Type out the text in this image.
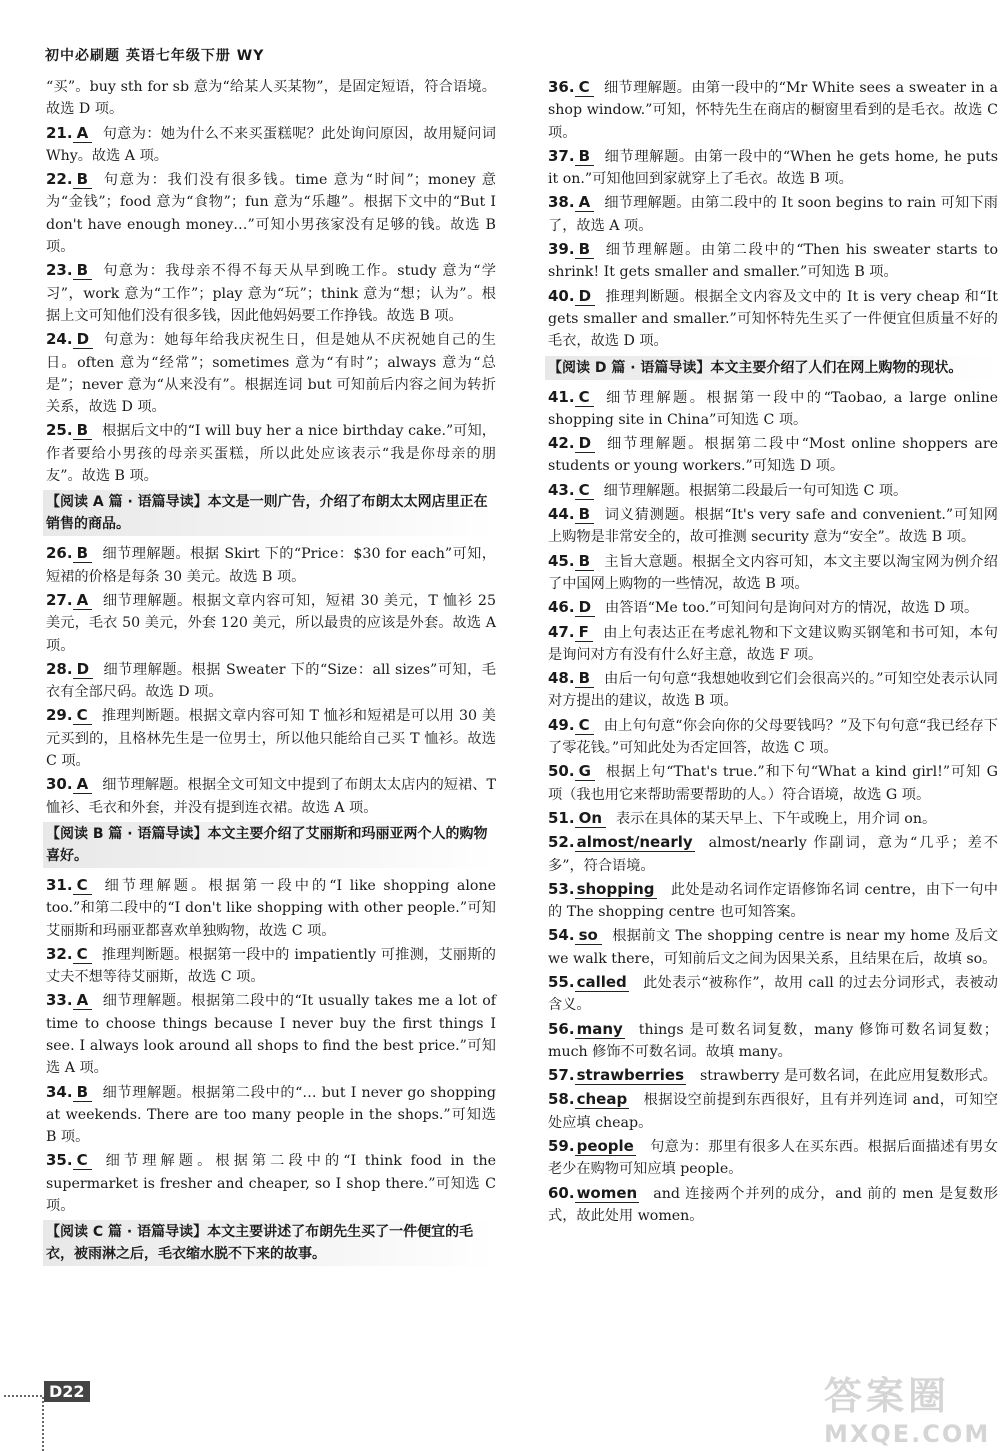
初中必刷题 英语七年级下册 WY
“买”。buy sth for sb 意为“给某人买某物”，是固定短语，符合语境。故选 D 项。
21. A 句意为：她为什么不来买蛋糕呢？此处询问原因，故用疑问词 Why。故选 A 项。
22. B 句意为：我们没有很多钱。time 意为“时间”；money 意为“金钱”；food 意为“食物”；fun 意为“乐趣”。根据下文中的“But I don't have enough money…”可知小男孩家没有足够的钱。故选 B 项。
23. B 句意为：我母亲不得不每天从早到晚工作。study 意为“学习”，work 意为“工作”；play 意为“玩”；think 意为“想；认为”。根据上文可知他们没有很多钱，因此他妈妈要工作挣钱。故选 B 项。
24. D 句意为：她每年给我庆祝生日，但是她从不庆祝她自己的生日。often 意为“经常”；sometimes 意为“有时”；always 意为“总是”；never 意为“从来没有”。根据连词 but 可知前后内容之间为转折关系，故选 D 项。
25. B 根据后文中的“I will buy her a nice birthday cake.”可知，作者要给小男孩的母亲买蛋糕，所以此处应该表示“我是你母亲的朋友”。故选 B 项。
【阅读 A 篇 · 语篇导读】本文是一则广告，介绍了布朗太太网店里正在销售的商品。
26. B 细节理解题。根据 Skirt 下的“Price：$30 for each”可知，短裙的价格是每条 30 美元。故选 B 项。
27. A 细节理解题。根据文章内容可知，短裙 30 美元，T 恤衫 25 美元，毛衣 50 美元，外套 120 美元，所以最贵的应该是外套。故选 A 项。
28. D 细节理解题。根据 Sweater 下的“Size：all sizes”可知，毛衣有全部尺码。故选 D 项。
29. C 推理判断题。根据文章内容可知 T 恤衫和短裙是可以用 30 美元买到的，且格林先生是一位男士，所以他只能给自己买 T 恤衫。故选 C 项。
30. A 细节理解题。根据全文可知文中提到了布朗太太店内的短裙、T 恤衫、毛衣和外套，并没有提到连衣裙。故选 A 项。
【阅读 B 篇 · 语篇导读】本文主要介绍了艾丽斯和玛丽亚两个人的购物喜好。
31. C 细节理解题。根据第一段中的“I like shopping alone too.”和第二段中的“I don't like shopping with other people.”可知艾丽斯和玛丽亚都喜欢单独购物，故选 C 项。
32. C 推理判断题。根据第一段中的 impatiently 可推测，艾丽斯的丈夫不想等待艾丽斯，故选 C 项。
33. A 细节理解题。根据第二段中的“It usually takes me a lot of time to choose things because I never buy the first things I see. I always look around all shops to find the best price.”可知选 A 项。
34. B 细节理解题。根据第二段中的“… but I never go shopping at weekends. There are too many people in the shops.”可知选 B 项。
35. C 细节理解题。根据第二段中的“I think food in the supermarket is fresher and cheaper, so I shop there.”可知选 C 项。
【阅读 C 篇 · 语篇导读】本文主要讲述了布朗先生买了一件便宜的毛衣，被雨淋之后，毛衣缩水脱不下来的故事。
36. C 细节理解题。由第一段中的“Mr White sees a sweater in a shop window.”可知，怀特先生在商店的橱窗里看到的是毛衣。故选 C 项。
37. B 细节理解题。由第一段中的“When he gets home, he puts it on.”可知他回到家就穿上了毛衣。故选 B 项。
38. A 细节理解题。由第二段中的 It soon begins to rain 可知下雨了，故选 A 项。
39. B 细节理解题。由第二段中的“Then his sweater starts to shrink! It gets smaller and smaller.”可知选 B 项。
40. D 推理判断题。根据全文内容及文中的 It is very cheap 和“It gets smaller and smaller.”可知怀特先生买了一件便宜但质量不好的毛衣，故选 D 项。
【阅读 D 篇 · 语篇导读】本文主要介绍了人们在网上购物的现状。
41. C 细节理解题。根据第一段中的“Taobao, a large online shopping site in China”可知选 C 项。
42. D 细节理解题。根据第二段中“Most online shoppers are students or young workers.”可知选 D 项。
43. C 细节理解题。根据第二段最后一句可知选 C 项。
44. B 词义猜测题。根据“It's very safe and convenient.”可知网上购物是非常安全的，故可推测 security 意为“安全”。故选 B 项。
45. B 主旨大意题。根据全文内容可知，本文主要以淘宝网为例介绍了中国网上购物的一些情况，故选 B 项。
46. D 由答语“Me too.”可知问句是询问对方的情况，故选 D 项。
47. F 由上句表达正在考虑礼物和下文建议购买钢笔和书可知，本句是询问对方有没有什么好主意，故选 F 项。
48. B 由后一句句意“我想她收到它们会很高兴的。”可知空处表示认同对方提出的建议，故选 B 项。
49. C 由上句句意“你会向你的父母要钱吗？”及下句句意“我已经存下了零花钱。”可知此处为否定回答，故选 C 项。
50. G 根据上句“That's true.”和下句“What a kind girl!”可知 G 项（我也用它来帮助需要帮助的人。）符合语境，故选 G 项。
51. On 表示在具体的某天早上、下午或晚上，用介词 on。
52. almost/nearly almost/nearly 作副词，意为“几乎；差不多”，符合语境。
53. shopping 此处是动名词作定语修饰名词 centre，由下一句中的 The shopping centre 也可知答案。
54. so 根据前文 The shopping centre is near my home 及后文 we walk there，可知前后文之间为因果关系，且结果在后，故填 so。
55. called 此处表示“被称作”，故用 call 的过去分词形式，表被动含义。
56. many things 是可数名词复数，many 修饰可数名词复数；much 修饰不可数名词。故填 many。
57. strawberries strawberry 是可数名词，在此应用复数形式。
58. cheap 根据设空前提到东西很好，且有并列连词 and，可知空处应填 cheap。
59. people 句意为：那里有很多人在买东西。根据后面描述有男女老少在购物可知应填 people。
60. women and 连接两个并列的成分，and 前的 men 是复数形式，故此处用 women。
D22	答案圈
MXQE.COM
